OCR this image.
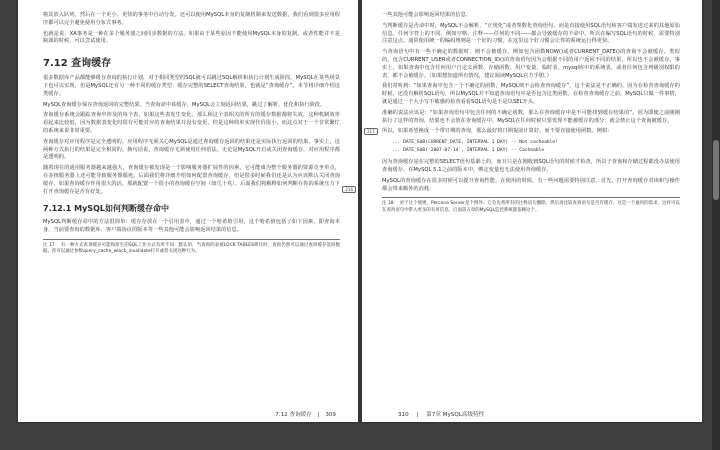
将其放入队列，然后在一个更小、更快的事务中自动分发。还可以使用MySQL本身的复制机制来发送数据，我们看到很多应用程序都可以完全避免使用分布式事务。

也就是说，XA事务是一种在多个服务器之间同步数据的方法。如果由于某些原因不能使用MySQL本身的复制，或者性能并不是瓶颈的时候，可以尝试使用。

7.12 查询缓存

很多数据库产品都能够缓存查询的执行计划，对于相同类型的SQL就可以跳过SQL解析和执行计划生成阶段。MySQL在某些场景下也可以实现，但是MySQL还有另一种不同的缓存类型：缓存完整的SELECT查询结果，也就是“查询缓存”。本节将详细介绍这类缓存。

MySQL查询缓存保存查询返回的完整结果。当查询命中该缓存，MySQL会立刻返回结果，跳过了解析、优化和执行阶段。

查询缓存系统会跟踪查询中涉及的每个表，如果这些表发生变化，那么和这个表相关的所有的缓存数据都将失效。这种机制效率看起来比较低，因为数据表变化时很有可能对应的查询结果并没有变更，但是这种简单实现代价很小，而这点对于一个非常繁忙的系统来说非常重要。

查询缓存对应用程序是完全透明的。应用程序无须关心MySQL是通过查询缓存返回的结果还是实际执行返回的结果。事实上，这两种方式执行的结果是完全相同的。换句话说，查询缓存无须使用任何语法。无论是MySQL开启或关闭查询缓存，对应用程序都是透明的。

随着现在的通用服务器越来越强大，查询缓存被发现是一个影响服务器扩展性的因素。它可能成为整个服务器的资源竞争单点，在多核服务器上还可能导致服务器僵死。后面我们将详细介绍如何配置查询缓存，但是很多时候我们还是认为应该默认关闭查询缓存，如果查询缓存作用很大的话，那就配置一个很小的查询缓存空间（如几十兆）。后面我们将解释如何判断在你的系统压力下打开查询缓存是否有好处。

7.12.1 MySQL如何判断缓存命中

MySQL判断缓存命中的方法很简单：缓存存放在一个引用表中，通过一个哈希值引用，这个哈希值包括了如下因素，即查询本身、当前要查询的数据库、客户端协议的版本等一些其他可能会影响返回结果的信息。

注 17： 有一种方式查询缓存可能和原生的SQL工作方式有所不同：默认的，当查询的表被LOCK TABLES锁住时，查询仍然可以通过查询缓存返回数据。你可以通过参数query_cache_wlock_invalidate打开或者关闭这种行为。

7.12 查询缓存 | 309
216

一些其他可能会影响返回结果的信息。

当判断缓存是否命中时，MySQL不会解析、“正规化”或者参数化查询语句，而是直接使用SQL语句和客户端发送过来的其他原始信息。任何字符上的不同，例如空格、注释——任何的不同——都会导致缓存的不命中。所以在编写SQL语句的时候，需要特别注意这点。通常使用统一的编码规则是一个好的习惯，在这里这个好习惯会让你的系统运行得更快。

当查询语句中有一些不确定的数据时，则不会被缓存。例如包含函数NOW()或者CURRENT_DATE()的查询不会被缓存。类似的，包含CURRENT_USER或者CONNECTION_ID()的查询语句因为会根据不同的用户返回不同的结果，所以也不会被缓存。事实上，如果查询中包含任何用户自定义函数、存储函数、用户变量、临时表、mysql库中的系统表，或者任何包含列级别权限的表，都不会被缓存。（如果想知道所有情况，建议阅读MySQL官方手册。）

我们常听到：“如果查询中包含一个不确定的函数，MySQL则不会检查查询缓存”。这个说法是不正确的。因为在检查查询缓存的时候，还没有解析SQL语句，所以MySQL并不知道查询语句中是否包含这类函数。在检查查询缓存之前，MySQL只做一件事情，就是通过一个大小写不敏感的检查看看SQL语句是不是以SEL开头。

准确的说法应该是：“如果查询语句中包含任何的不确定函数，那么在查询缓存中是不可能找到缓存结果的”。因为即使之前刚刚执行了这样的查询，结果也不会放在查询缓存中。MySQL在任何时候只要发现不能被缓存的部分，就会禁止这个查询被缓存。

所以，如果希望换成一个带日期的查询，那么最好将日期提前计算好，而不要直接使用函数。例如：

... DATE_SUB(CURRENT_DATE, INTERVAL 1 DAY) -- Not cacheable!
... DATE_SUB('2007-07-14', INTERVAL 1 DAY) -- Cacheable

因为查询缓存是在完整的SELECT语句基础上的，而且只是在刚收到SQL语句的时候才检查，所以子查询和存储过程都没办法使用查询缓存。在MySQL 5.1之前的版本中，绑定变量也无法使用查询缓存。

MySQL的查询缓存在很多时候可以提升查询性能，在使用的时候，有一些问题需要特别注意。首先，打开查询缓存对读和写操作都会带来额外的消耗：

注 18： 对于这个规则，Percona Server是个例外。它会先将所有的注释语句删除，然后再比较查询语句是否有缓存。这是一个通用的需求，这样可以在查询语句中带入更多的有用信息。后面第五章的MySQL监控系统就依赖这个。

310 | 第7章 MySQL高级特性
217
